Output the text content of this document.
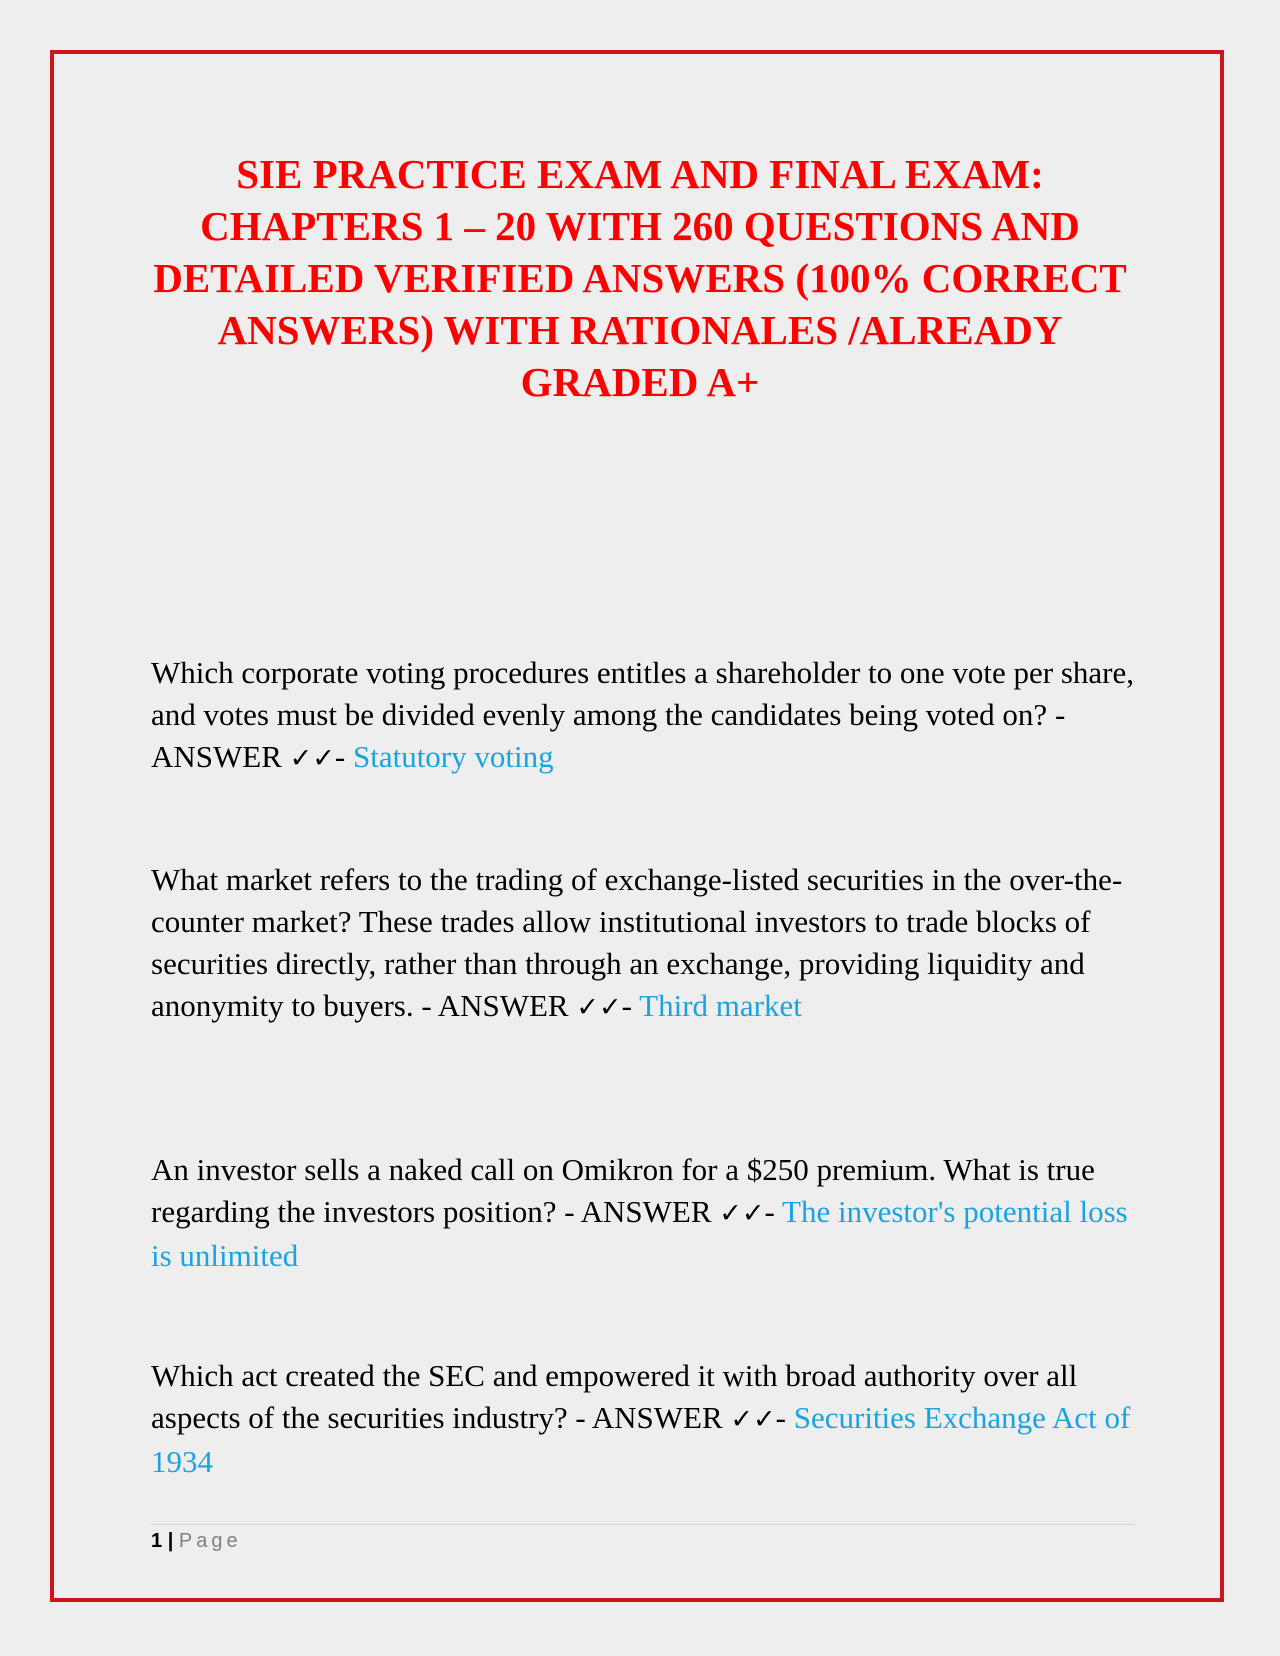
SIE PRACTICE EXAM AND FINAL EXAM: CHAPTERS 1 – 20 WITH 260 QUESTIONS AND DETAILED VERIFIED ANSWERS (100% CORRECT ANSWERS) WITH RATIONALES /ALREADY GRADED A+

Which corporate voting procedures entitles a shareholder to one vote per share, and votes must be divided evenly among the candidates being voted on? - ANSWER ✓✓- Statutory voting

What market refers to the trading of exchange-listed securities in the over-the-counter market? These trades allow institutional investors to trade blocks of securities directly, rather than through an exchange, providing liquidity and anonymity to buyers. - ANSWER ✓✓- Third market

An investor sells a naked call on Omikron for a $250 premium. What is true regarding the investors position? - ANSWER ✓✓- The investor's potential loss is unlimited

Which act created the SEC and empowered it with broad authority over all aspects of the securities industry? - ANSWER ✓✓- Securities Exchange Act of 1934

1 | Page
